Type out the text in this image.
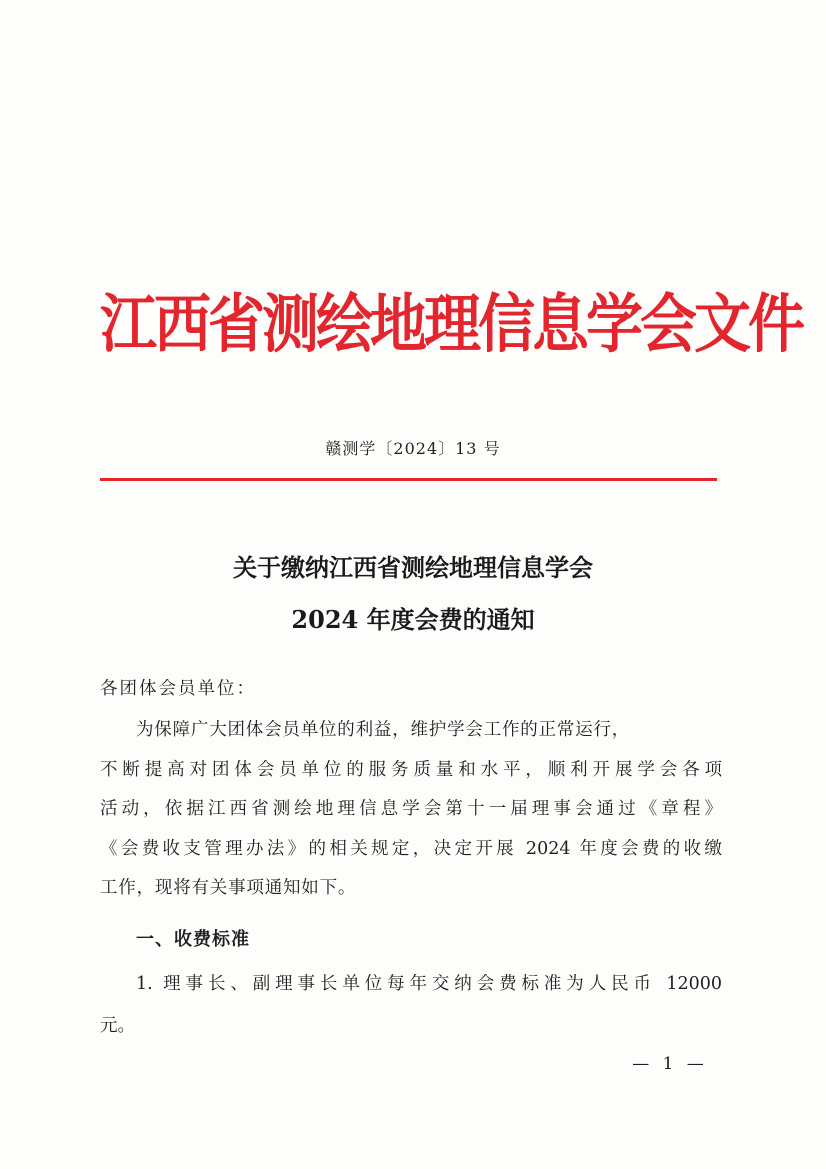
江西省测绘地理信息学会文件
赣测学〔2024〕13 号
关于缴纳江西省测绘地理信息学会
2024 年度会费的通知
各团体会员单位：
为保障广大团体会员单位的利益，维护学会工作的正常运行，
不断提高对团体会员单位的服务质量和水平，顺利开展学会各项
活动，依据江西省测绘地理信息学会第十一届理事会通过《章程》
《会费收支管理办法》的相关规定，决定开展 2024 年度会费的收缴
工作，现将有关事项通知如下。
一、收费标准
1. 理事长、副理事长单位每年交纳会费标准为人民币 12000
元。
— 1 —
